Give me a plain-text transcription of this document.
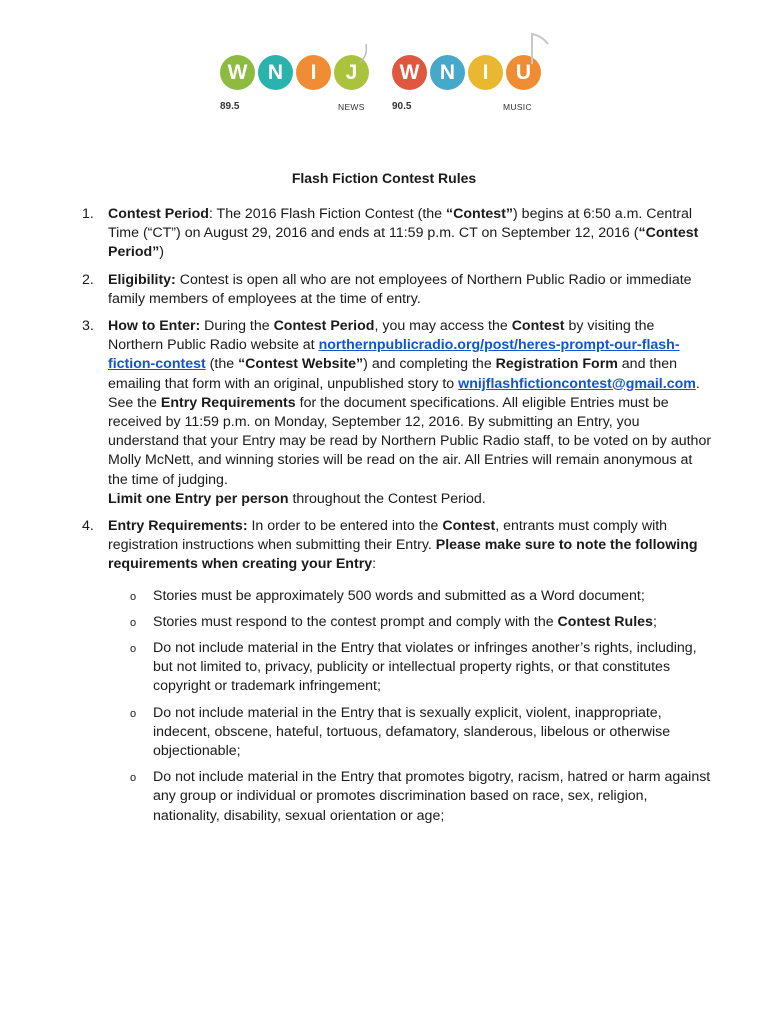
W N	I	J	W N	I	U
89.5	NEWS	90.5	MUSIC
Flash Fiction Contest Rules
1. Contest Period: The 2016 Flash Fiction Contest (the “Contest”) begins at 6:50 a.m. Central Time (“CT”) on August 29, 2016 and ends at 11:59 p.m. CT on September 12, 2016 (“Contest Period”)
2. Eligibility: Contest is open all who are not employees of Northern Public Radio or immediate family members of employees at the time of entry.
3. How to Enter: During the Contest Period, you may access the Contest by visiting the Northern Public Radio website at northernpublicradio.org/post/heres-prompt-our-flash-fiction-contest (the “Contest Website”) and completing the Registration Form and then emailing that form with an original, unpublished story to wnijflashfictioncontest@gmail.com. See the Entry Requirements for the document specifications. All eligible Entries must be received by 11:59 p.m. on Monday, September 12, 2016. By submitting an Entry, you understand that your Entry may be read by Northern Public Radio staff, to be voted on by author Molly McNett, and winning stories will be read on the air. All Entries will remain anonymous at the time of judging.
Limit one Entry per person throughout the Contest Period.
4. Entry Requirements: In order to be entered into the Contest, entrants must comply with registration instructions when submitting their Entry. Please make sure to note the following requirements when creating your Entry:
o Stories must be approximately 500 words and submitted as a Word document;
o Stories must respond to the contest prompt and comply with the Contest Rules;
o Do not include material in the Entry that violates or infringes another’s rights, including, but not limited to, privacy, publicity or intellectual property rights, or that constitutes copyright or trademark infringement;
o Do not include material in the Entry that is sexually explicit, violent, inappropriate, indecent, obscene, hateful, tortuous, defamatory, slanderous, libelous or otherwise objectionable;
o Do not include material in the Entry that promotes bigotry, racism, hatred or harm against any group or individual or promotes discrimination based on race, sex, religion, nationality, disability, sexual orientation or age;
